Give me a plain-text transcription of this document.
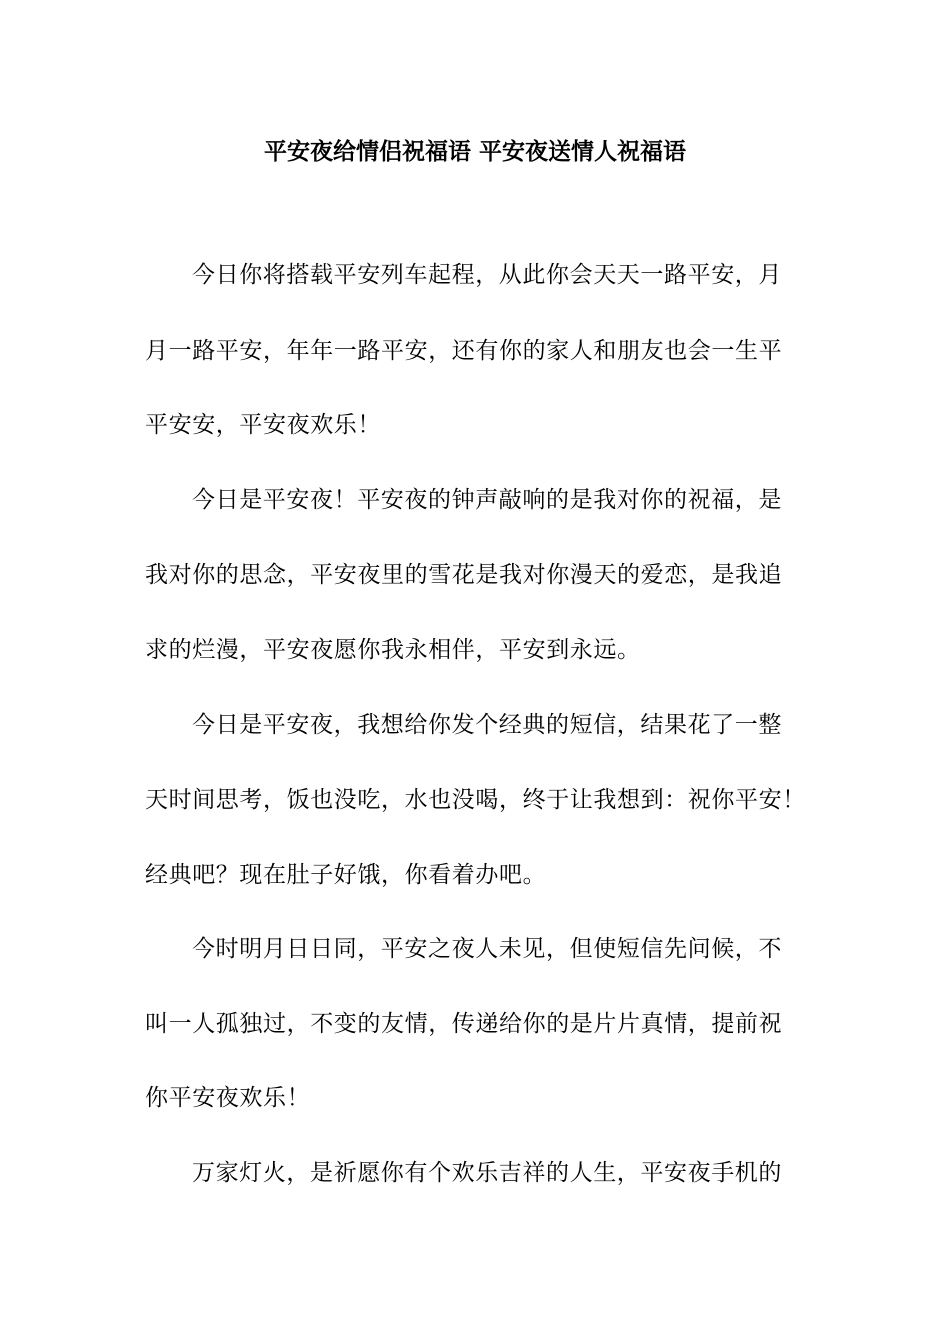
平安夜给情侣祝福语 平安夜送情人祝福语
今日你将搭载平安列车起程，从此你会天天一路平安，月
月一路平安，年年一路平安，还有你的家人和朋友也会一生平
平安安，平安夜欢乐！
今日是平安夜！平安夜的钟声敲响的是我对你的祝福，是
我对你的思念，平安夜里的雪花是我对你漫天的爱恋，是我追
求的烂漫，平安夜愿你我永相伴，平安到永远。
今日是平安夜，我想给你发个经典的短信，结果花了一整
天时间思考，饭也没吃，水也没喝，终于让我想到：祝你平安！
经典吧？现在肚子好饿，你看着办吧。
今时明月日日同，平安之夜人未见，但使短信先问候，不
叫一人孤独过，不变的友情，传递给你的是片片真情，提前祝
你平安夜欢乐！
万家灯火，是祈愿你有个欢乐吉祥的人生，平安夜手机的
